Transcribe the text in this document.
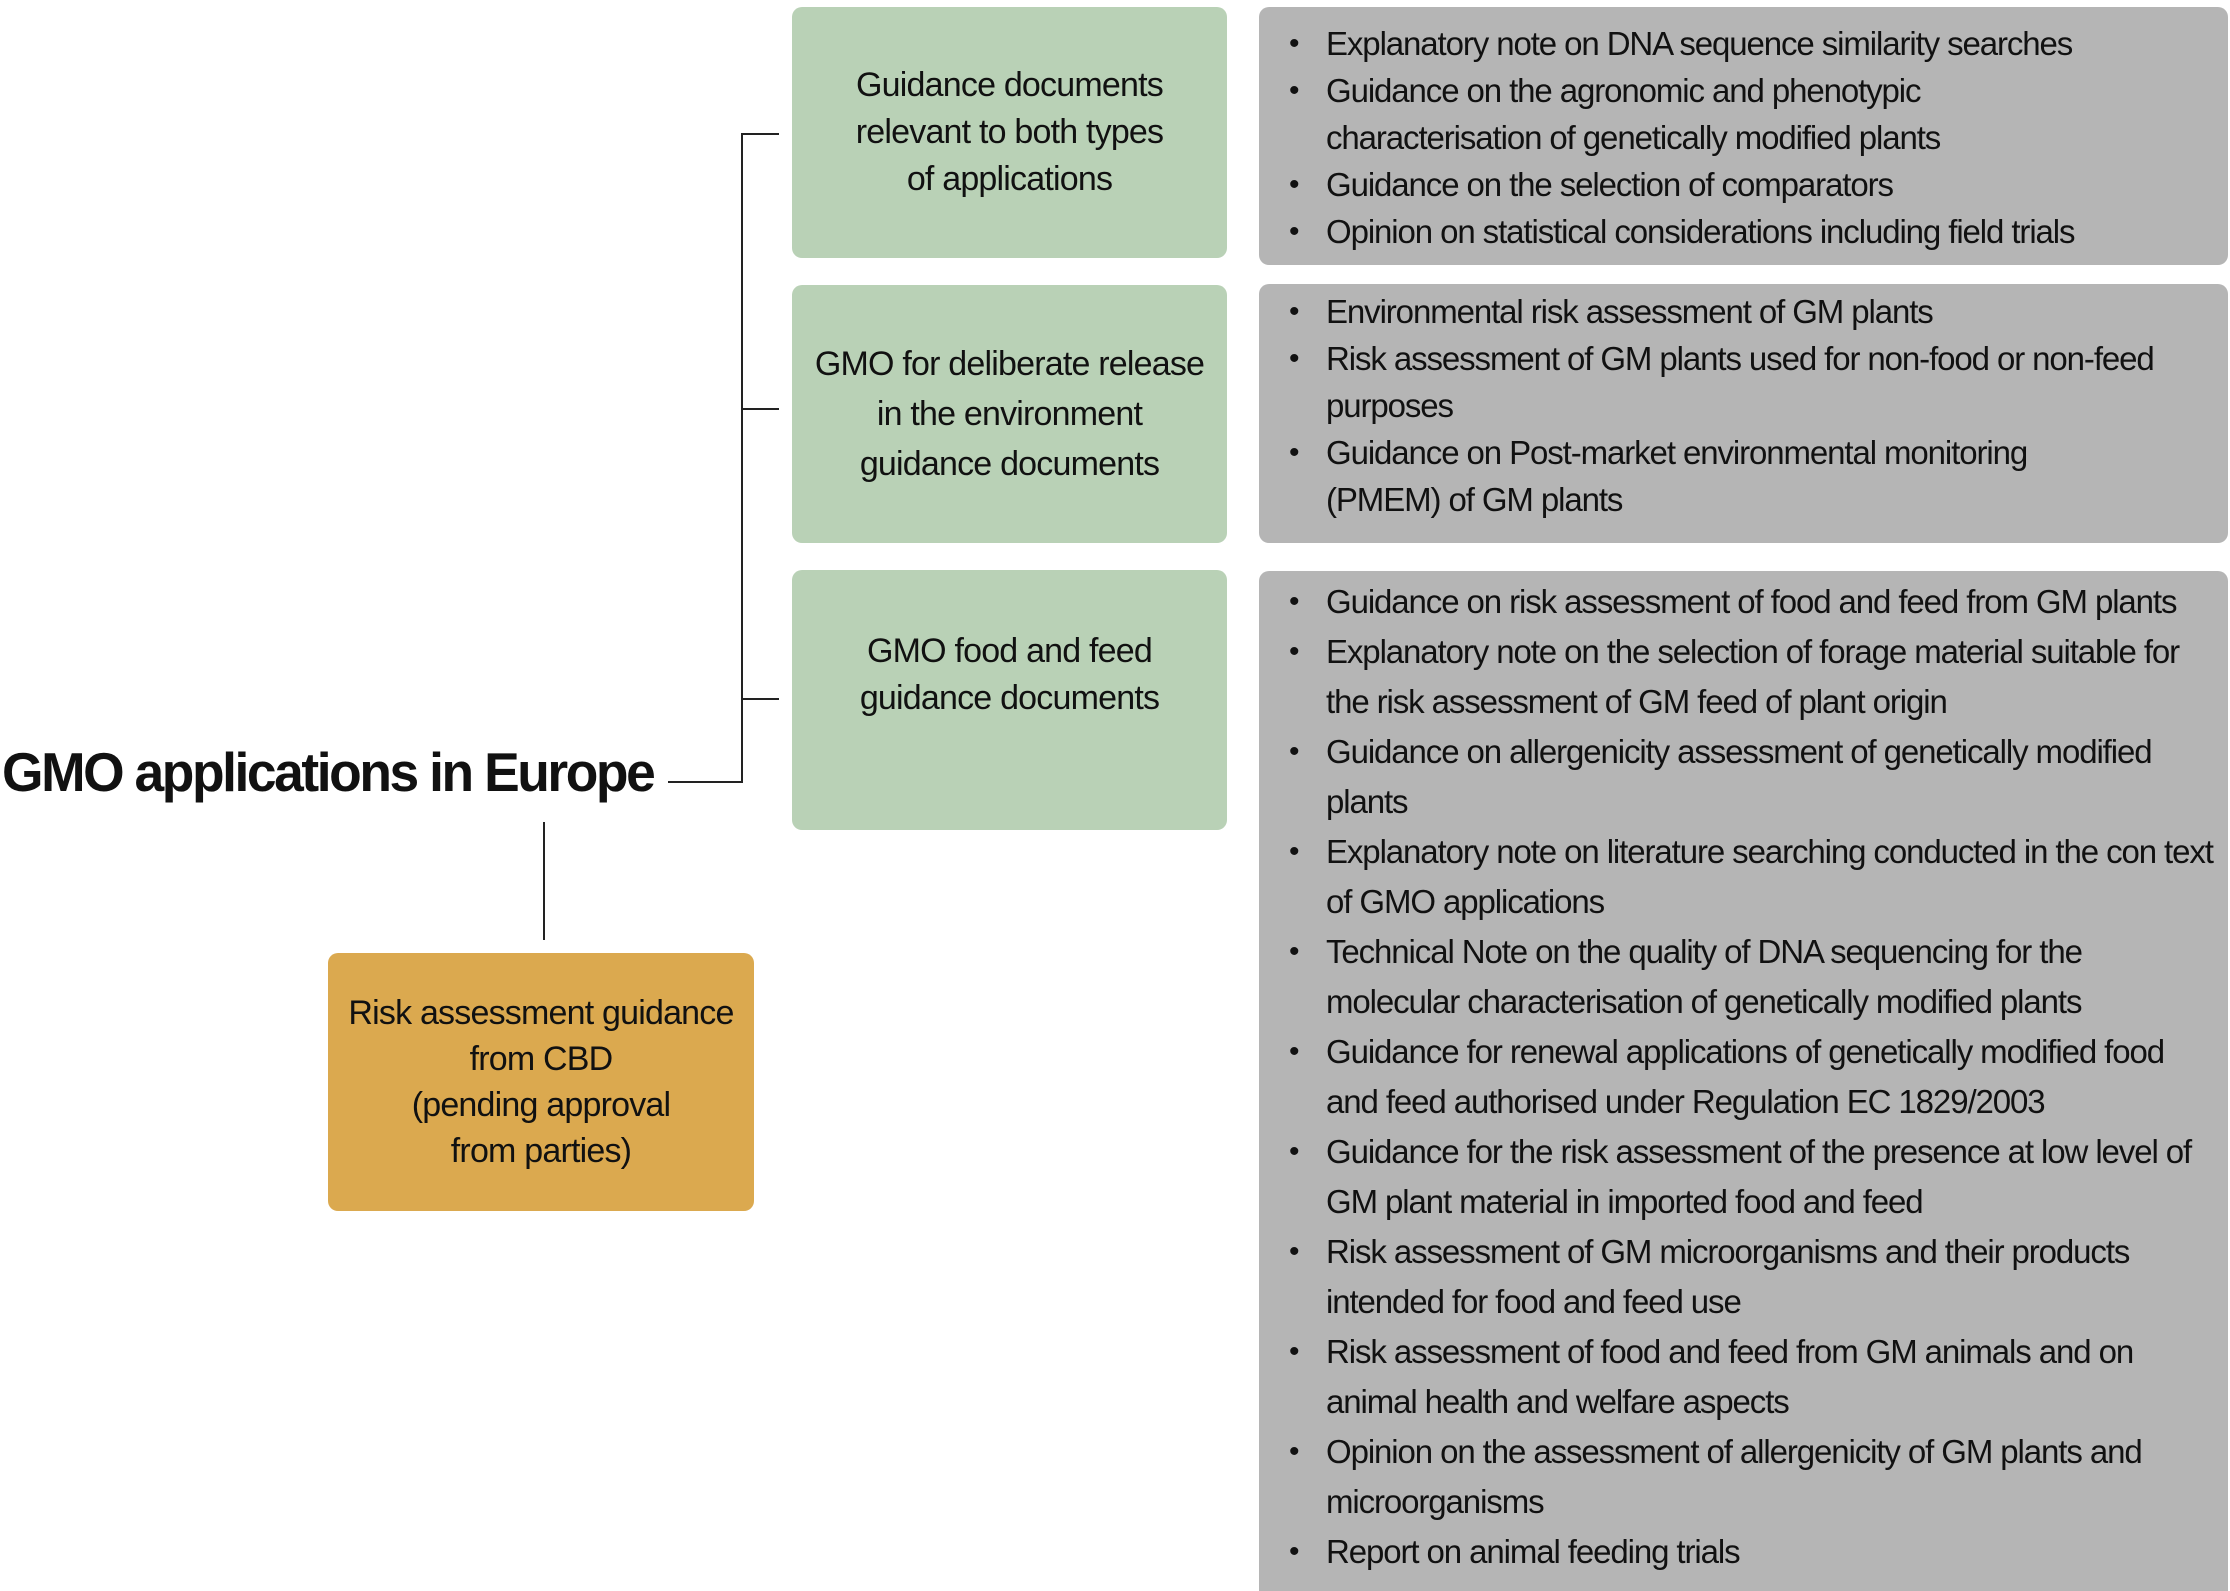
GMO applications in Europe
Guidance documents
relevant to both types
of applications
• Explanatory note on DNA sequence similarity searches
• Guidance on the agronomic and phenotypic characterisation of genetically modified plants
• Guidance on the selection of comparators
• Opinion on statistical considerations including field trials
GMO for deliberate release
in the environment
guidance documents
• Environmental risk assessment of GM plants
• Risk assessment of GM plants used for non-food or non-feed purposes
• Guidance on Post-market environmental monitoring (PMEM) of GM plants
GMO food and feed
guidance documents
• Guidance on risk assessment of food and feed from GM plants
• Explanatory note on the selection of forage material suitable for the risk assessment of GM feed of plant origin
• Guidance on allergenicity assessment of genetically modified plants
• Explanatory note on literature searching conducted in the con text of GMO applications
• Technical Note on the quality of DNA sequencing for the molecular characterisation of genetically modified plants
• Guidance for renewal applications of genetically modified food and feed authorised under Regulation EC 1829/2003
• Guidance for the risk assessment of the presence at low level of GM plant material in imported food and feed
• Risk assessment of GM microorganisms and their products intended for food and feed use
• Risk assessment of food and feed from GM animals and on animal health and welfare aspects
• Opinion on the assessment of allergenicity of GM plants and microorganisms
• Report on animal feeding trials
Risk assessment guidance
from CBD
(pending approval
from parties)
